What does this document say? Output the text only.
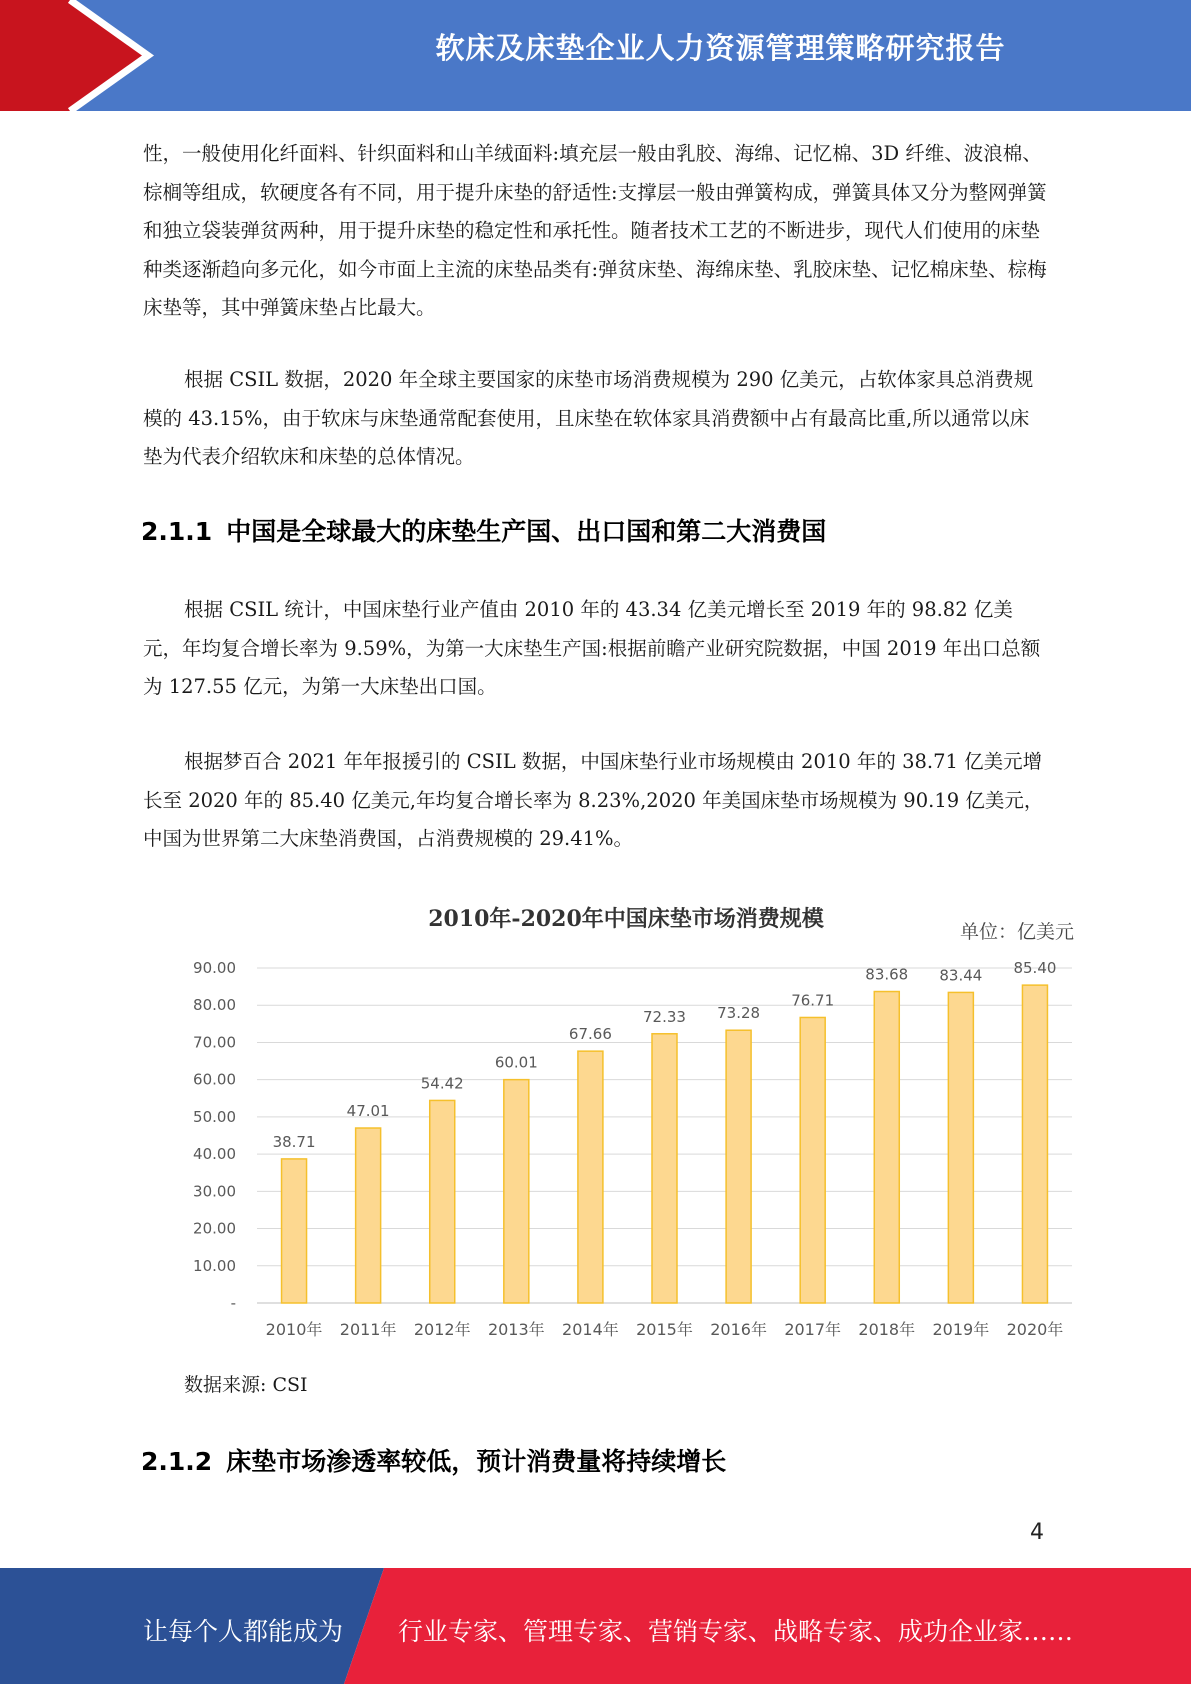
软床及床垫企业人力资源管理策略研究报告

性，一般使用化纤面料、针织面料和山羊绒面料:填充层一般由乳胶、海绵、记忆棉、3D 纤维、波浪棉、棕榈等组成，软硬度各有不同，用于提升床垫的舒适性:支撑层一般由弹簧构成，弹簧具体又分为整网弹簧和独立袋装弹贫两种，用于提升床垫的稳定性和承托性。随者技术工艺的不断进步，现代人们使用的床垫种类逐渐趋向多元化，如今市面上主流的床垫品类有:弹贫床垫、海绵床垫、乳胶床垫、记忆棉床垫、棕梅床垫等，其中弹簧床垫占比最大。

根据 CSIL 数据，2020 年全球主要国家的床垫市场消费规模为 290 亿美元，占软体家具总消费规模的 43.15%，由于软床与床垫通常配套使用，且床垫在软体家具消费额中占有最高比重,所以通常以床垫为代表介绍软床和床垫的总体情况。

2.1.1 中国是全球最大的床垫生产国、出口国和第二大消费国

根据 CSIL 统计，中国床垫行业产值由 2010 年的 43.34 亿美元增长至 2019 年的 98.82 亿美元，年均复合增长率为 9.59%，为第一大床垫生产国:根据前瞻产业研究院数据，中国 2019 年出口总额为 127.55 亿元，为第一大床垫出口国。

根据梦百合 2021 年年报援引的 CSIL 数据，中国床垫行业市场规模由 2010 年的 38.71 亿美元增长至 2020 年的 85.40 亿美元,年均复合增长率为 8.23%,2020 年美国床垫市场规模为 90.19 亿美元，中国为世界第二大床垫消费国，占消费规模的 29.41%。

2010年-2020年中国床垫市场消费规模	单位：亿美元
-
10.00
20.00
30.00
40.00
50.00
60.00
70.00
80.00
90.00
38.71
47.01
54.42
60.01
67.66
72.33 73.28
76.71
83.68 83.44 85.40
2010年 2011年 2012年 2013年 2014年 2015年 2016年 2017年 2018年 2019年 2020年

数据来源: CSI

2.1.2 床垫市场渗透率较低，预计消费量将持续增长
4
让每个人都能成为 行业专家、管理专家、营销专家、战略专家、成功企业家……
